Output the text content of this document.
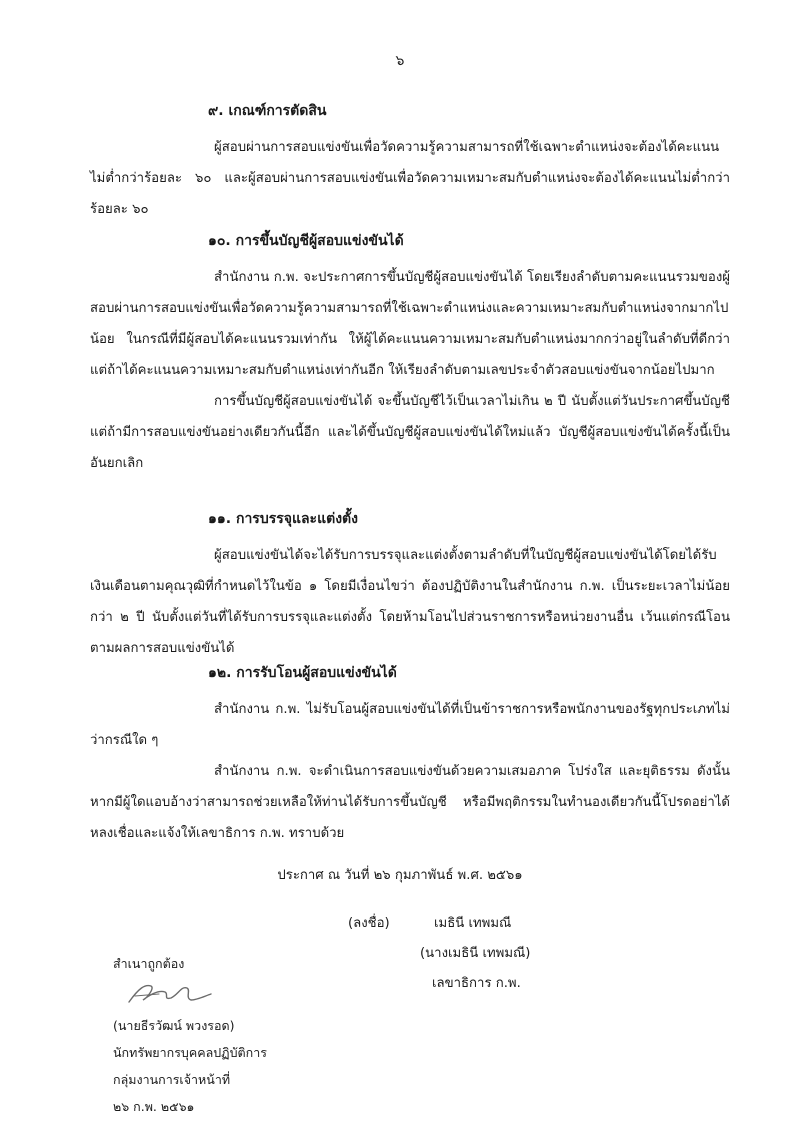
๖
๙. เกณฑ์การตัดสิน

ผู้สอบผ่านการสอบแข่งขันเพื่อวัดความรู้ความสามารถที่ใช้เฉพาะตำแหน่งจะต้องได้คะแนนไม่ต่ำกว่าร้อยละ ๖๐ และผู้สอบผ่านการสอบแข่งขันเพื่อวัดความเหมาะสมกับตำแหน่งจะต้องได้คะแนนไม่ต่ำกว่าร้อยละ ๖๐

๑๐. การขึ้นบัญชีผู้สอบแข่งขันได้

สำนักงาน ก.พ. จะประกาศการขึ้นบัญชีผู้สอบแข่งขันได้ โดยเรียงลำดับตามคะแนนรวมของผู้สอบผ่านการสอบแข่งขันเพื่อวัดความรู้ความสามารถที่ใช้เฉพาะตำแหน่งและความเหมาะสมกับตำแหน่งจากมากไปน้อย ในกรณีที่มีผู้สอบได้คะแนนรวมเท่ากัน ให้ผู้ได้คะแนนความเหมาะสมกับตำแหน่งมากกว่าอยู่ในลำดับที่ดีกว่า แต่ถ้าได้คะแนนความเหมาะสมกับตำแหน่งเท่ากันอีก ให้เรียงลำดับตามเลขประจำตัวสอบแข่งขันจากน้อยไปมาก

การขึ้นบัญชีผู้สอบแข่งขันได้ จะขึ้นบัญชีไว้เป็นเวลาไม่เกิน ๒ ปี นับตั้งแต่วันประกาศขึ้นบัญชี แต่ถ้ามีการสอบแข่งขันอย่างเดียวกันนี้อีก และได้ขึ้นบัญชีผู้สอบแข่งขันได้ใหม่แล้ว บัญชีผู้สอบแข่งขันได้ครั้งนี้เป็นอันยกเลิก

๑๑. การบรรจุและแต่งตั้ง

ผู้สอบแข่งขันได้จะได้รับการบรรจุและแต่งตั้งตามลำดับที่ในบัญชีผู้สอบแข่งขันได้โดยได้รับเงินเดือนตามคุณวุฒิที่กำหนดไว้ในข้อ ๑ โดยมีเงื่อนไขว่า ต้องปฏิบัติงานในสำนักงาน ก.พ. เป็นระยะเวลาไม่น้อยกว่า ๒ ปี นับตั้งแต่วันที่ได้รับการบรรจุและแต่งตั้ง โดยห้ามโอนไปส่วนราชการหรือหน่วยงานอื่น เว้นแต่กรณีโอนตามผลการสอบแข่งขันได้

๑๒. การรับโอนผู้สอบแข่งขันได้

สำนักงาน ก.พ. ไม่รับโอนผู้สอบแข่งขันได้ที่เป็นข้าราชการหรือพนักงานของรัฐทุกประเภทไม่ว่ากรณีใด ๆ

สำนักงาน ก.พ. จะดำเนินการสอบแข่งขันด้วยความเสมอภาค โปร่งใส และยุติธรรม ดังนั้นหากมีผู้ใดแอบอ้างว่าสามารถช่วยเหลือให้ท่านได้รับการขึ้นบัญชี หรือมีพฤติกรรมในทำนองเดียวกันนี้โปรดอย่าได้หลงเชื่อและแจ้งให้เลขาธิการ ก.พ. ทราบด้วย

ประกาศ ณ วันที่ ๒๖ กุมภาพันธ์ พ.ศ. ๒๕๖๑
(ลงชื่อ)	เมธินี เทพมณี
(นางเมธินี เทพมณี)
เลขาธิการ ก.พ.
สำเนาถูกต้อง
(นายธีรวัฒน์ พวงรอด)
นักทรัพยากรบุคคลปฏิบัติการ
กลุ่มงานการเจ้าหน้าที่
๒๖ ก.พ. ๒๕๖๑
